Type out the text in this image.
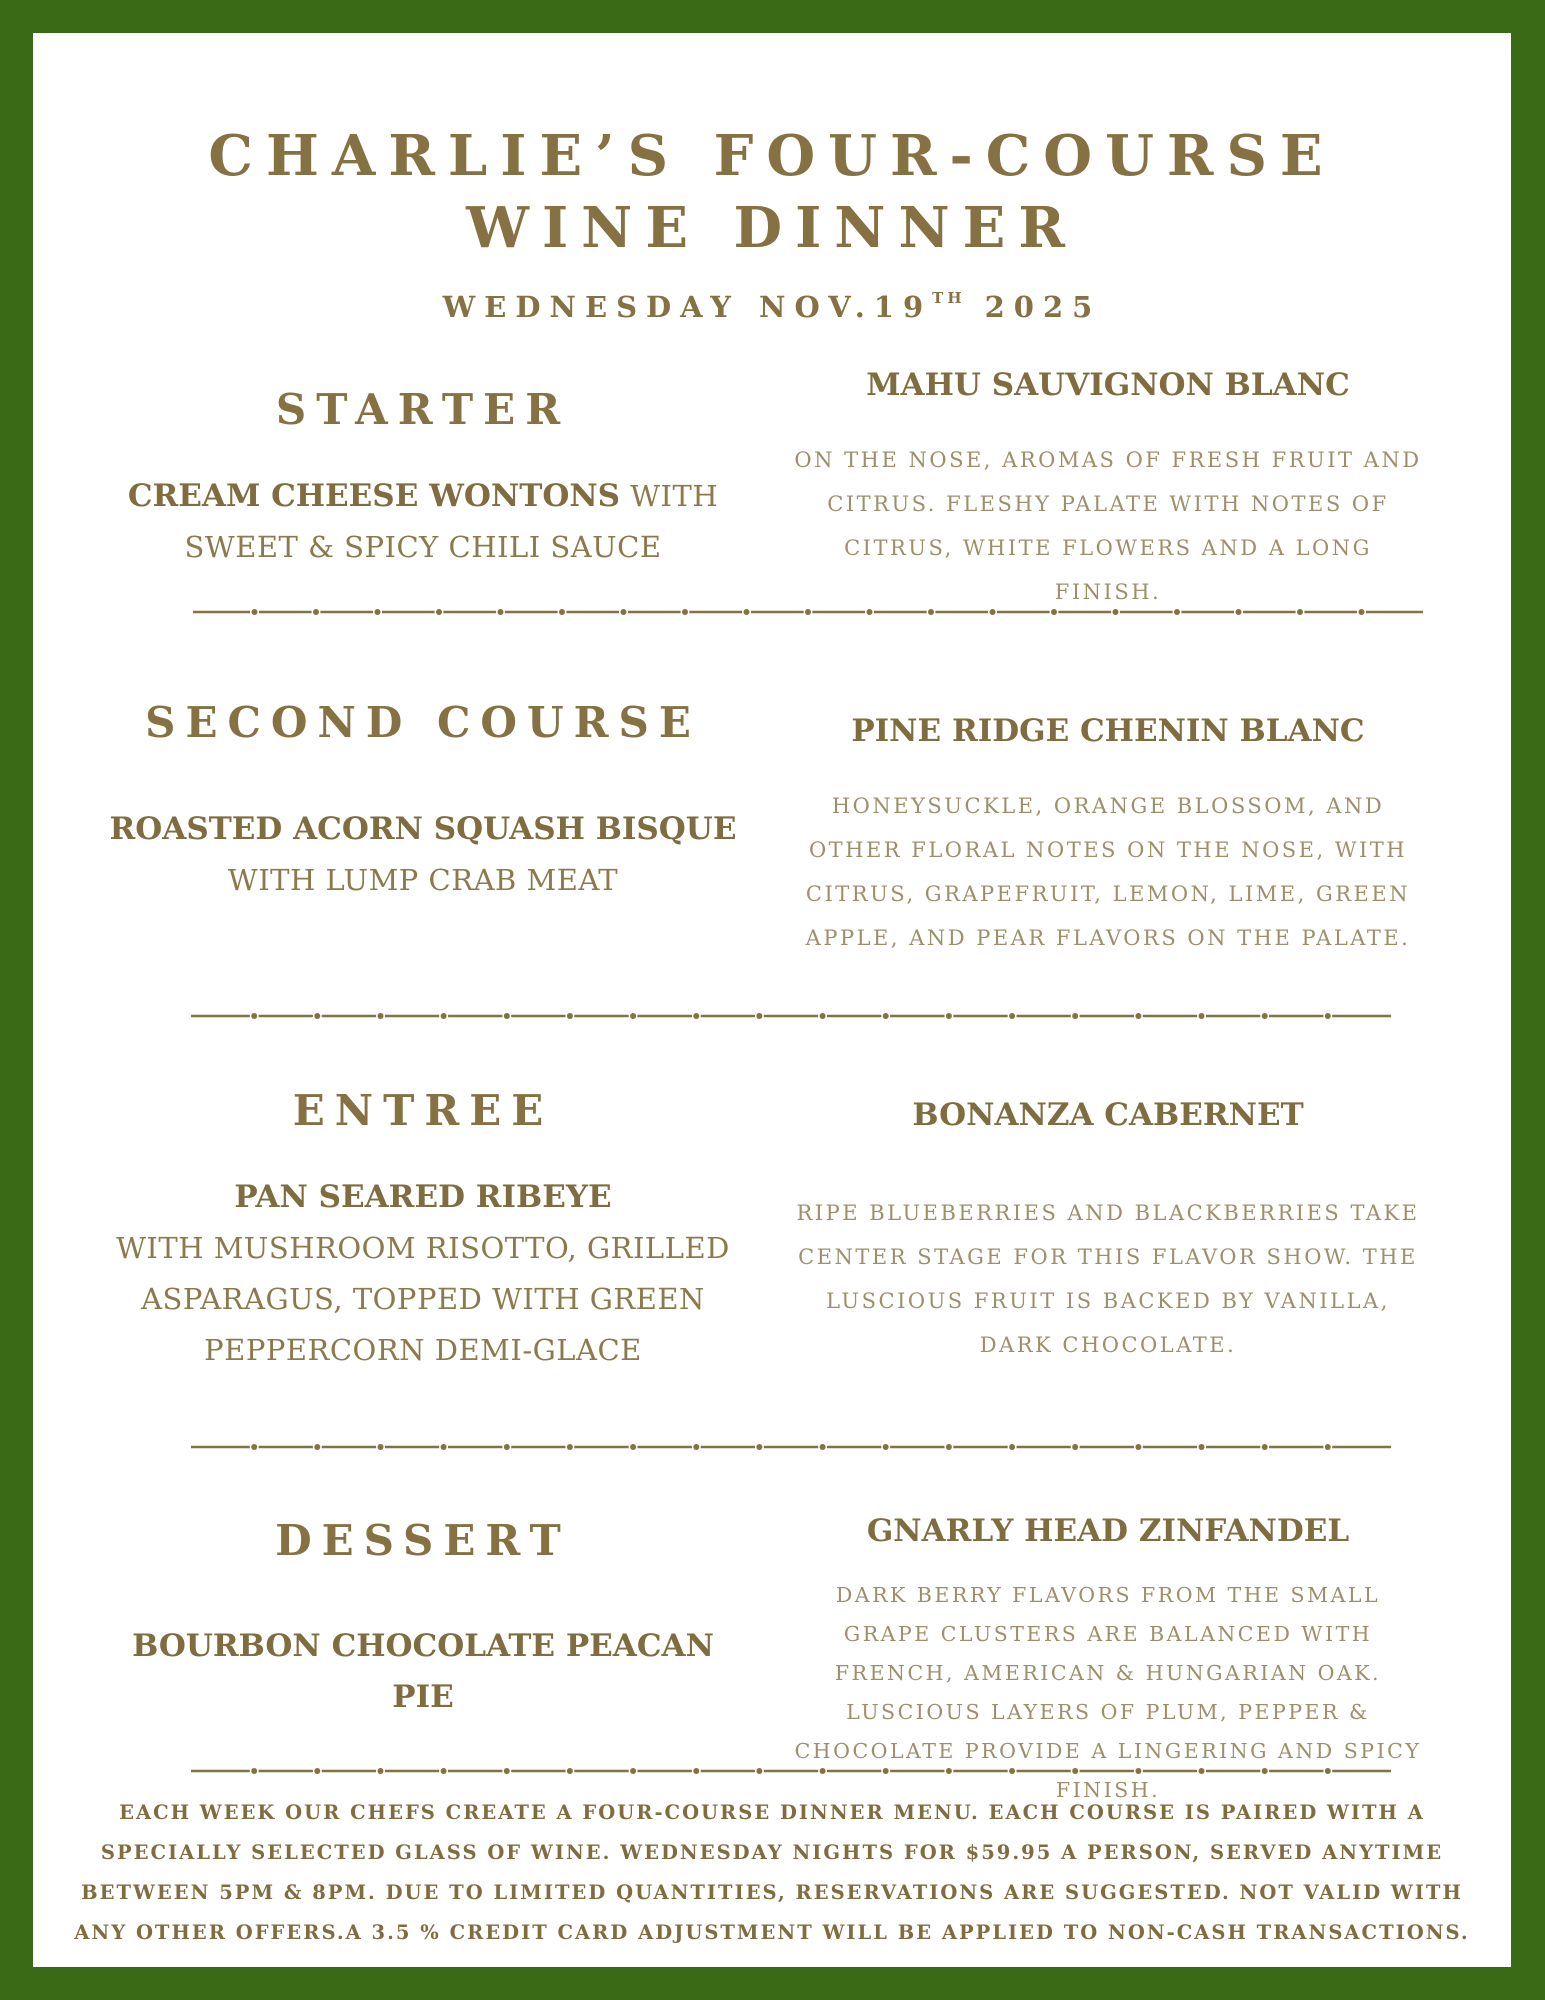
CHARLIE’S FOUR-COURSE
WINE DINNER
WEDNESDAY NOV.19TH 2025
STARTER
CREAM CHEESE WONTONS WITH SWEET & SPICY CHILI SAUCE
MAHU SAUVIGNON BLANC
ON THE NOSE, AROMAS OF FRESH FRUIT AND CITRUS. FLESHY PALATE WITH NOTES OF CITRUS, WHITE FLOWERS AND A LONG FINISH.
SECOND COURSE
ROASTED ACORN SQUASH BISQUE
WITH LUMP CRAB MEAT
PINE RIDGE CHENIN BLANC
HONEYSUCKLE, ORANGE BLOSSOM, AND OTHER FLORAL NOTES ON THE NOSE, WITH CITRUS, GRAPEFRUIT, LEMON, LIME, GREEN APPLE, AND PEAR FLAVORS ON THE PALATE.
ENTREE
PAN SEARED RIBEYE
WITH MUSHROOM RISOTTO, GRILLED ASPARAGUS, TOPPED WITH GREEN PEPPERCORN DEMI-GLACE
BONANZA CABERNET
RIPE BLUEBERRIES AND BLACKBERRIES TAKE CENTER STAGE FOR THIS FLAVOR SHOW. THE LUSCIOUS FRUIT IS BACKED BY VANILLA, DARK CHOCOLATE.
DESSERT
BOURBON CHOCOLATE PEACAN PIE
GNARLY HEAD ZINFANDEL
DARK BERRY FLAVORS FROM THE SMALL GRAPE CLUSTERS ARE BALANCED WITH FRENCH, AMERICAN & HUNGARIAN OAK. LUSCIOUS LAYERS OF PLUM, PEPPER & CHOCOLATE PROVIDE A LINGERING AND SPICY FINISH.
EACH WEEK OUR CHEFS CREATE A FOUR-COURSE DINNER MENU. EACH COURSE IS PAIRED WITH A SPECIALLY SELECTED GLASS OF WINE. WEDNESDAY NIGHTS FOR $59.95 A PERSON, SERVED ANYTIME BETWEEN 5PM & 8PM. DUE TO LIMITED QUANTITIES, RESERVATIONS ARE SUGGESTED. NOT VALID WITH ANY OTHER OFFERS.A 3.5 % CREDIT CARD ADJUSTMENT WILL BE APPLIED TO NON-CASH TRANSACTIONS.
